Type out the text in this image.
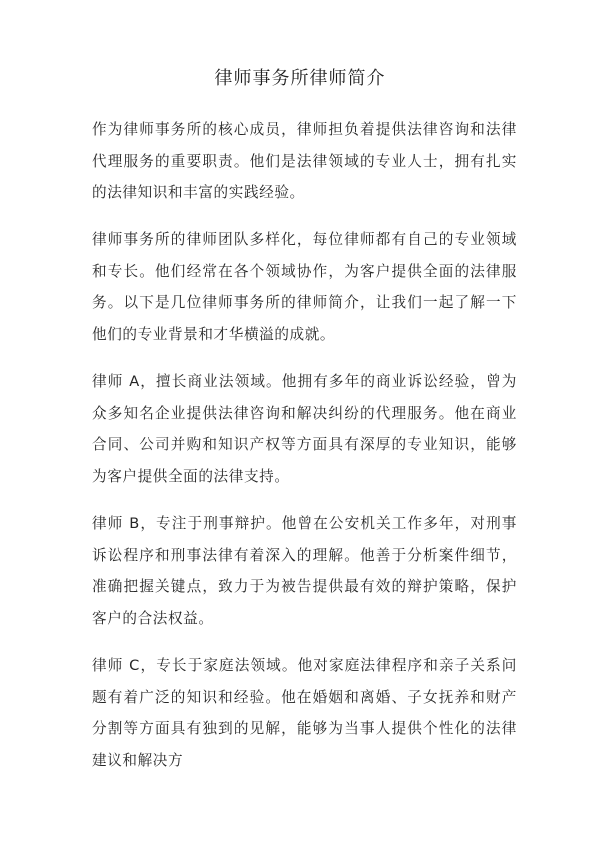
律师事务所律师简介

作为律师事务所的核心成员，律师担负着提供法律咨询和法律代理服务的重要职责。他们是法律领域的专业人士，拥有扎实的法律知识和丰富的实践经验。

律师事务所的律师团队多样化，每位律师都有自己的专业领域和专长。他们经常在各个领域协作，为客户提供全面的法律服务。以下是几位律师事务所的律师简介，让我们一起了解一下他们的专业背景和才华横溢的成就。

律师 A，擅长商业法领域。他拥有多年的商业诉讼经验，曾为众多知名企业提供法律咨询和解决纠纷的代理服务。他在商业合同、公司并购和知识产权等方面具有深厚的专业知识，能够为客户提供全面的法律支持。

律师 B，专注于刑事辩护。他曾在公安机关工作多年，对刑事诉讼程序和刑事法律有着深入的理解。他善于分析案件细节，准确把握关键点，致力于为被告提供最有效的辩护策略，保护客户的合法权益。

律师 C，专长于家庭法领域。他对家庭法律程序和亲子关系问题有着广泛的知识和经验。他在婚姻和离婚、子女抚养和财产分割等方面具有独到的见解，能够为当事人提供个性化的法律建议和解决方
